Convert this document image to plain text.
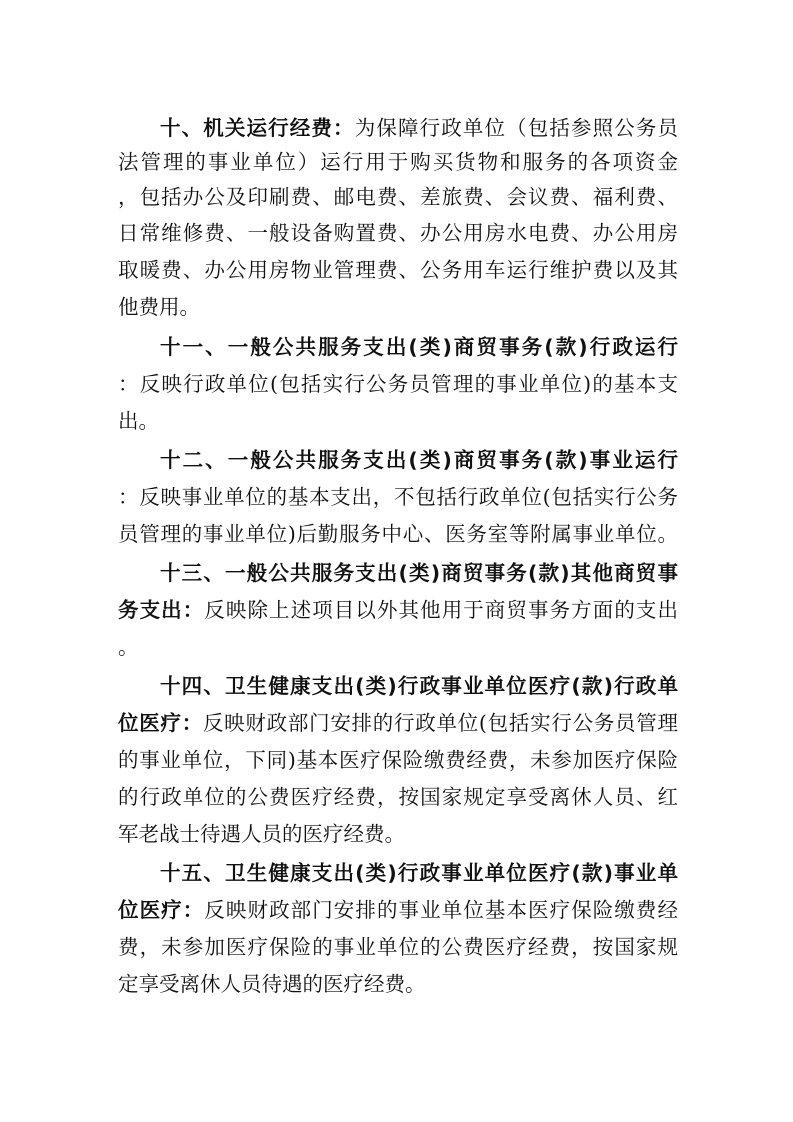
十、机关运行经费：为保障行政单位（包括参照公务员
法管理的事业单位）运行用于购买货物和服务的各项资金
，包括办公及印刷费、邮电费、差旅费、会议费、福利费、
日常维修费、一般设备购置费、办公用房水电费、办公用房
取暖费、办公用房物业管理费、公务用车运行维护费以及其
他费用。
十一、一般公共服务支出(类)商贸事务(款)行政运行
：反映行政单位(包括实行公务员管理的事业单位)的基本支
出。
十二、一般公共服务支出(类)商贸事务(款)事业运行
：反映事业单位的基本支出，不包括行政单位(包括实行公务
员管理的事业单位)后勤服务中心、医务室等附属事业单位。
十三、一般公共服务支出(类)商贸事务(款)其他商贸事
务支出：反映除上述项目以外其他用于商贸事务方面的支出
。
十四、卫生健康支出(类)行政事业单位医疗(款)行政单
位医疗：反映财政部门安排的行政单位(包括实行公务员管理
的事业单位，下同)基本医疗保险缴费经费，未参加医疗保险
的行政单位的公费医疗经费，按国家规定享受离休人员、红
军老战士待遇人员的医疗经费。
十五、卫生健康支出(类)行政事业单位医疗(款)事业单
位医疗：反映财政部门安排的事业单位基本医疗保险缴费经
费，未参加医疗保险的事业单位的公费医疗经费，按国家规
定享受离休人员待遇的医疗经费。
